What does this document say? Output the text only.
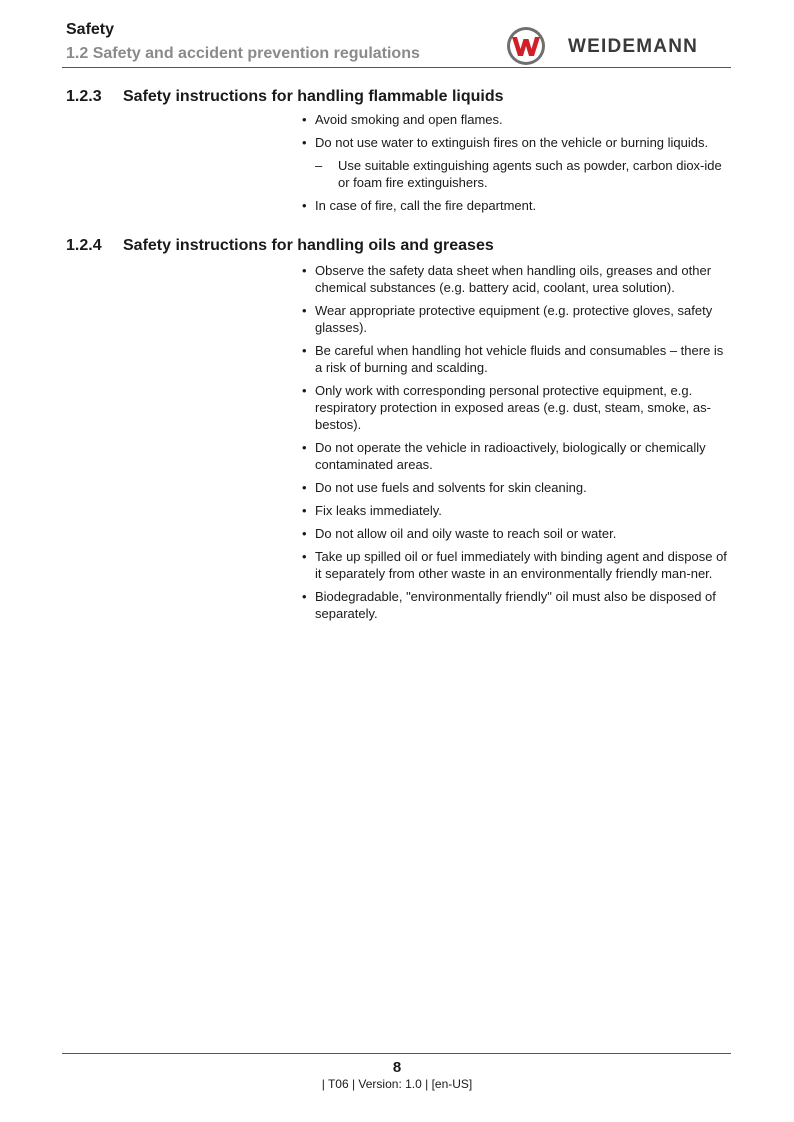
Safety
1.2 Safety and accident prevention regulations	WEIDEMANN
1.2.3 Safety instructions for handling flammable liquids
• Avoid smoking and open flames.
• Do not use water to extinguish fires on the vehicle or burning liquids.
– Use suitable extinguishing agents such as powder, carbon diox-ide or foam fire extinguishers.
• In case of fire, call the fire department.
1.2.4 Safety instructions for handling oils and greases
• Observe the safety data sheet when handling oils, greases and other chemical substances (e.g. battery acid, coolant, urea solution).
• Wear appropriate protective equipment (e.g. protective gloves, safety glasses).
• Be careful when handling hot vehicle fluids and consumables – there is a risk of burning and scalding.
• Only work with corresponding personal protective equipment, e.g. respiratory protection in exposed areas (e.g. dust, steam, smoke, as-bestos).
• Do not operate the vehicle in radioactively, biologically or chemically contaminated areas.
• Do not use fuels and solvents for skin cleaning.
• Fix leaks immediately.
• Do not allow oil and oily waste to reach soil or water.
• Take up spilled oil or fuel immediately with binding agent and dispose of it separately from other waste in an environmentally friendly man-ner.
• Biodegradable, "environmentally friendly" oil must also be disposed of separately.
8
| T06 | Version: 1.0 | [en-US]
